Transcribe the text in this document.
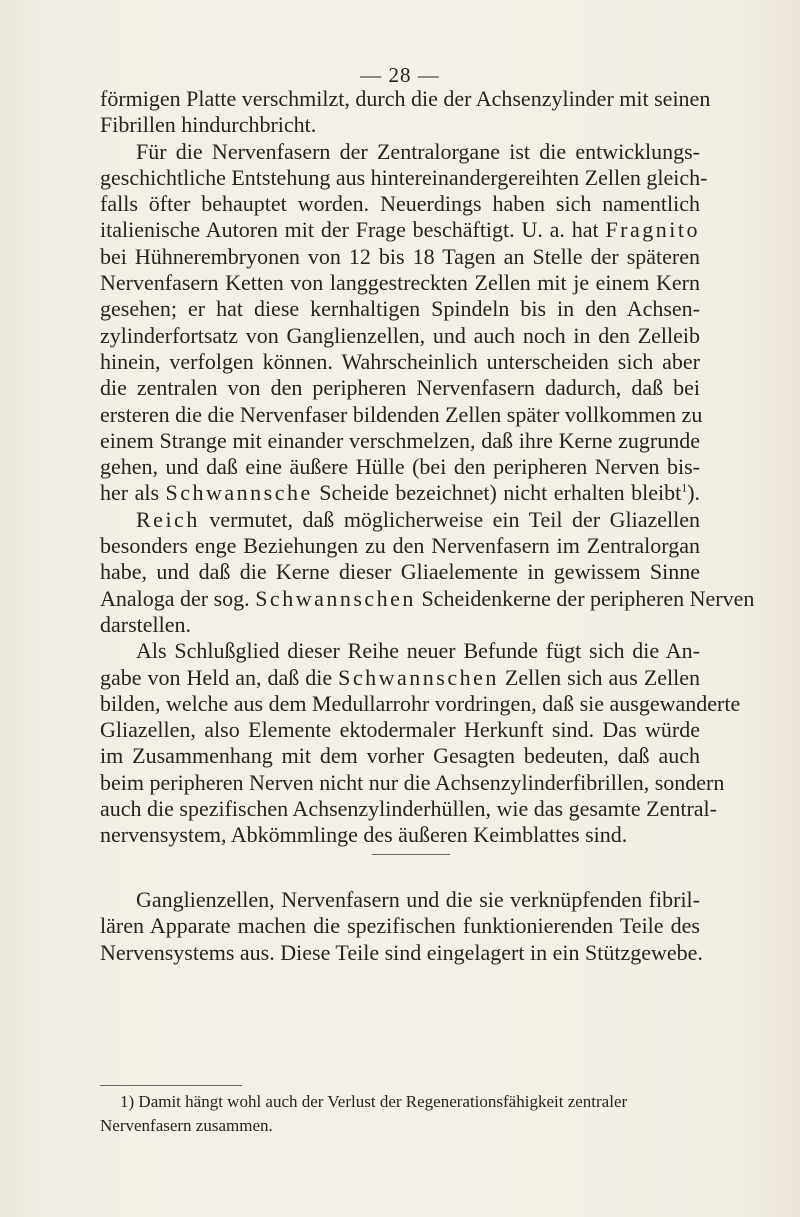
— 28 —
förmigen Platte verschmilzt, durch die der Achsenzylinder mit seinen
Fibrillen hindurchbricht.
Für die Nervenfasern der Zentralorgane ist die entwicklungs-
geschichtliche Entstehung aus hintereinandergereihten Zellen gleich-
falls öfter behauptet worden. Neuerdings haben sich namentlich
italienische Autoren mit der Frage beschäftigt. U. a. hat Fragnito
bei Hühnerembryonen von 12 bis 18 Tagen an Stelle der späteren
Nervenfasern Ketten von langgestreckten Zellen mit je einem Kern
gesehen; er hat diese kernhaltigen Spindeln bis in den Achsen-
zylinderfortsatz von Ganglienzellen, und auch noch in den Zelleib
hinein, verfolgen können. Wahrscheinlich unterscheiden sich aber
die zentralen von den peripheren Nervenfasern dadurch, daß bei
ersteren die die Nervenfaser bildenden Zellen später vollkommen zu
einem Strange mit einander verschmelzen, daß ihre Kerne zugrunde
gehen, und daß eine äußere Hülle (bei den peripheren Nerven bis-
her als Schwannsche Scheide bezeichnet) nicht erhalten bleibt$^1$).
Reich vermutet, daß möglicherweise ein Teil der Gliazellen
besonders enge Beziehungen zu den Nervenfasern im Zentralorgan
habe, und daß die Kerne dieser Gliaelemente in gewissem Sinne
Analoga der sog. Schwannschen Scheidenkerne der peripheren Nerven
darstellen.
Als Schlußglied dieser Reihe neuer Befunde fügt sich die An-
gabe von Held an, daß die Schwannschen Zellen sich aus Zellen
bilden, welche aus dem Medullarrohr vordringen, daß sie ausgewanderte
Gliazellen, also Elemente ektodermaler Herkunft sind. Das würde
im Zusammenhang mit dem vorher Gesagten bedeuten, daß auch
beim peripheren Nerven nicht nur die Achsenzylinderfibrillen, sondern
auch die spezifischen Achsenzylinderhüllen, wie das gesamte Zentral-
nervensystem, Abkömmlinge des äußeren Keimblattes sind.
Ganglienzellen, Nervenfasern und die sie verknüpfenden fibril-
lären Apparate machen die spezifischen funktionierenden Teile des
Nervensystems aus. Diese Teile sind eingelagert in ein Stützgewebe.
1) Damit hängt wohl auch der Verlust der Regenerationsfähigkeit zentraler
Nervenfasern zusammen.
